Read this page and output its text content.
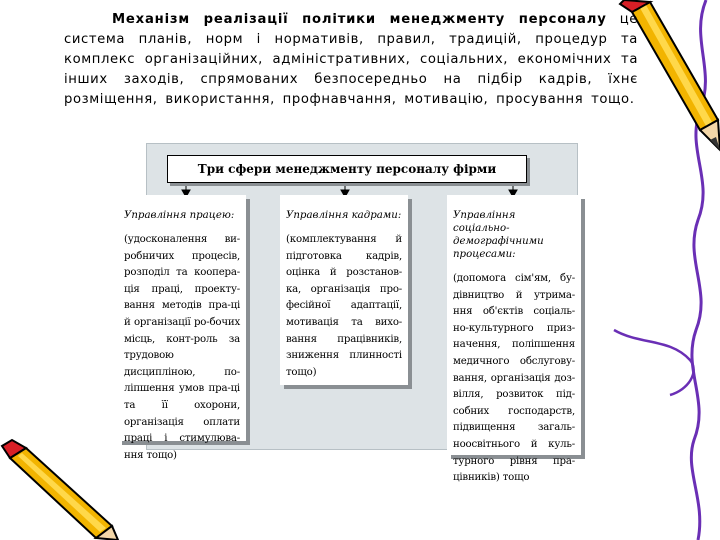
Механізм реалізації політики менеджменту персоналу це система планів, норм і нормативів, правил, традицій, процедур та комплекс організаційних, адміністративних, соціальних, економічних та інших заходів, спрямованих безпосередньо на підбір кадрів, їхнє розміщення, використання, профнавчання, мотивацію, просування тощо.
Три сфери менеджменту персоналу фірми
Управління працею:
(удосконалення ви-робничих процесів, розподіл та коопера-ція праці, проекту-вання методів пра-ці й організації ро-бочих місць, конт-роль за трудовою дисципліною, по-ліпшення умов пра-ці та її охорони, організація оплати праці і стимулюва-ння тощо)
Управління кадрами:
(комплектування й підготовка кадрів, оцінка й розстанов-ка, організація про-фесійної адаптації, мотивація та вихо-вання працівників, зниження плинності тощо)
Управління соціально-демографічними процесами:
(допомога сім'ям, бу-дівництво й утрима-ння об'єктів соціаль-но-культурного приз-начення, поліпшення медичного обслугову-вання, організація доз-вілля, розвиток під-собних господарств, підвищення загаль-ноосвітнього й куль-турного рівня пра-цівників) тощо
